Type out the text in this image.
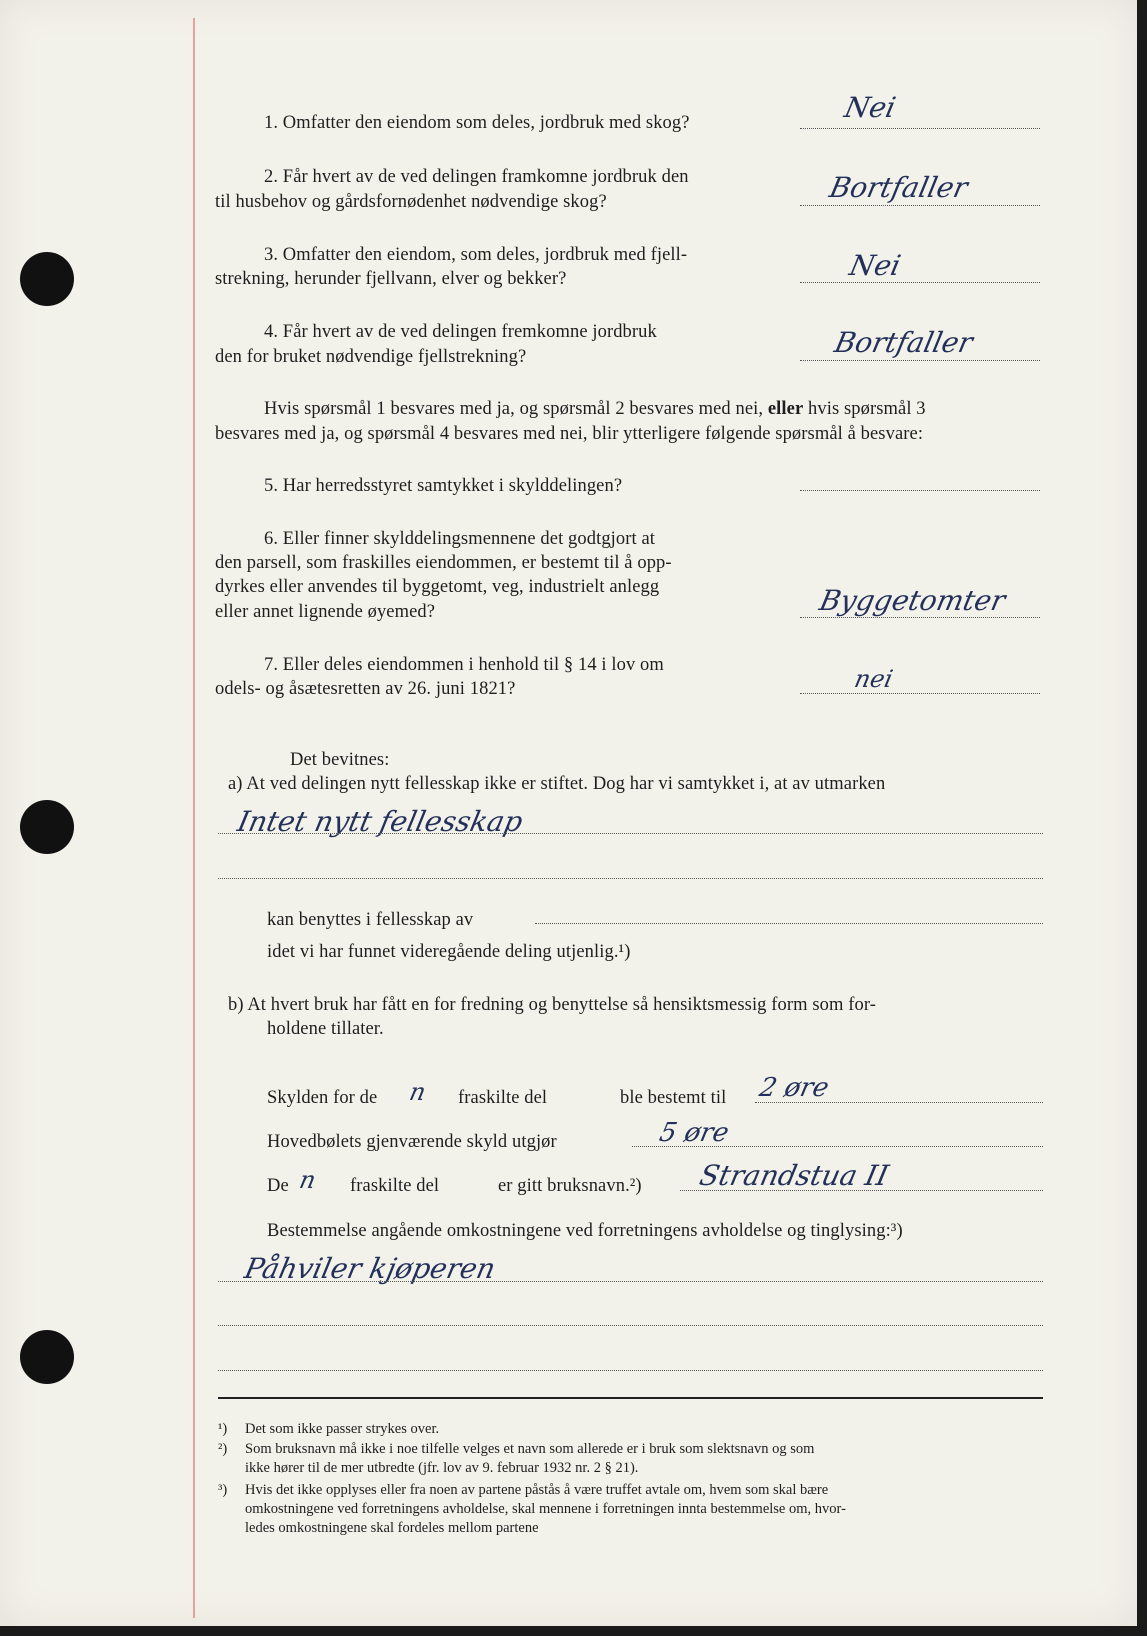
1. Omfatter den eiendom som deles, jordbruk med skog?	Nei
2. Får hvert av de ved delingen framkomne jordbruk den
til husbehov og gårdsfornødenhet nødvendige skog?	Bortfaller
3. Omfatter den eiendom, som deles, jordbruk med fjell-
strekning, herunder fjellvann, elver og bekker?	Nei
4. Får hvert av de ved delingen fremkomne jordbruk
den for bruket nødvendige fjellstrekning?	Bortfaller
Hvis spørsmål 1 besvares med ja, og spørsmål 2 besvares med nei, eller hvis spørsmål 3
besvares med ja, og spørsmål 4 besvares med nei, blir ytterligere følgende spørsmål å besvare:
5. Har herredsstyret samtykket i skylddelingen?
6. Eller finner skylddelingsmennene det godtgjort at
den parsell, som fraskilles eiendommen, er bestemt til å opp-
dyrkes eller anvendes til byggetomt, veg, industrielt anlegg
eller annet lignende øyemed?	Byggetomter
7. Eller deles eiendommen i henhold til § 14 i lov om
odels- og åsætesretten av 26. juni 1821?	nei
Det bevitnes:
a) At ved delingen nytt fellesskap ikke er stiftet. Dog har vi samtykket i, at av utmarken
Intet nytt fellesskap
kan benyttes i fellesskap av
idet vi har funnet videregående deling utjenlig.¹)
b) At hvert bruk har fått en for fredning og benyttelse så hensiktsmessig form som for-
holdene tillater.
Skylden for de n fraskilte del	ble bestemt til 2 øre
Hovedbølets gjenværende skyld utgjør	5 øre
De n fraskilte del	er gitt bruksnavn.²) Strandstua II
Bestemmelse angående omkostningene ved forretningens avholdelse og tinglysing:³)
Påhviler kjøperen
¹) Det som ikke passer strykes over.
²) Som bruksnavn må ikke i noe tilfelle velges et navn som allerede er i bruk som slektsnavn og som
ikke hører til de mer utbredte (jfr. lov av 9. februar 1932 nr. 2 § 21).
³) Hvis det ikke opplyses eller fra noen av partene påstås å være truffet avtale om, hvem som skal bære
omkostningene ved forretningens avholdelse, skal mennene i forretningen innta bestemmelse om, hvor-
ledes omkostningene skal fordeles mellom partene
